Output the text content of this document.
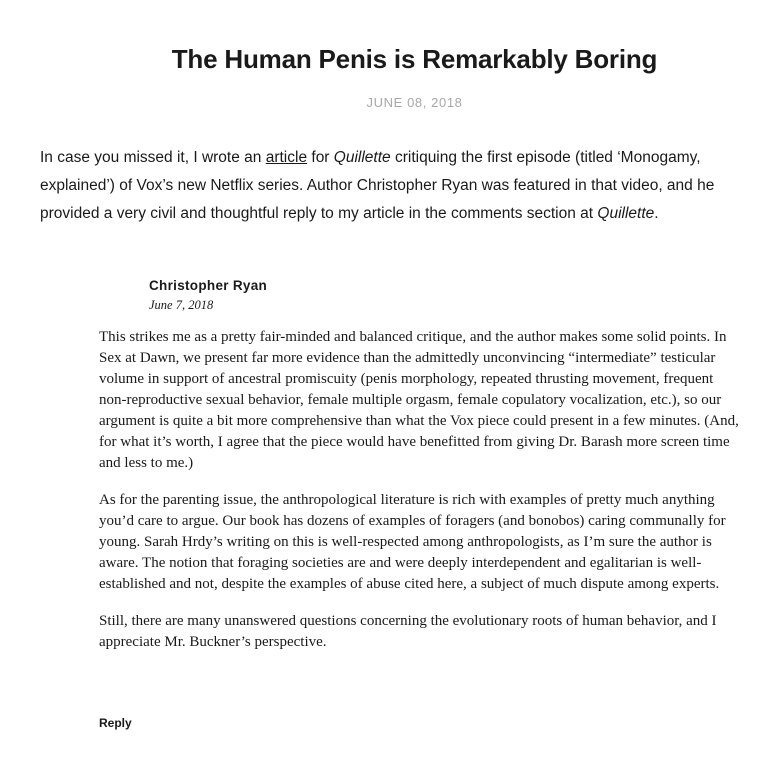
The Human Penis is Remarkably Boring
JUNE 08, 2018
In case you missed it, I wrote an article for Quillette critiquing the first episode (titled ‘Monogamy, explained’) of Vox’s new Netflix series. Author Christopher Ryan was featured in that video, and he provided a very civil and thoughtful reply to my article in the comments section at Quillette.
Christopher Ryan
June 7, 2018

This strikes me as a pretty fair-minded and balanced critique, and the author makes some solid points. In Sex at Dawn, we present far more evidence than the admittedly unconvincing “intermediate” testicular volume in support of ancestral promiscuity (penis morphology, repeated thrusting movement, frequent non-reproductive sexual behavior, female multiple orgasm, female copulatory vocalization, etc.), so our argument is quite a bit more comprehensive than what the Vox piece could present in a few minutes. (And, for what it’s worth, I agree that the piece would have benefitted from giving Dr. Barash more screen time and less to me.)

As for the parenting issue, the anthropological literature is rich with examples of pretty much anything you’d care to argue. Our book has dozens of examples of foragers (and bonobos) caring communally for young. Sarah Hrdy’s writing on this is well-respected among anthropologists, as I’m sure the author is aware. The notion that foraging societies are and were deeply interdependent and egalitarian is well-established and not, despite the examples of abuse cited here, a subject of much dispute among experts.

Still, there are many unanswered questions concerning the evolutionary roots of human behavior, and I appreciate Mr. Buckner’s perspective.

Reply
